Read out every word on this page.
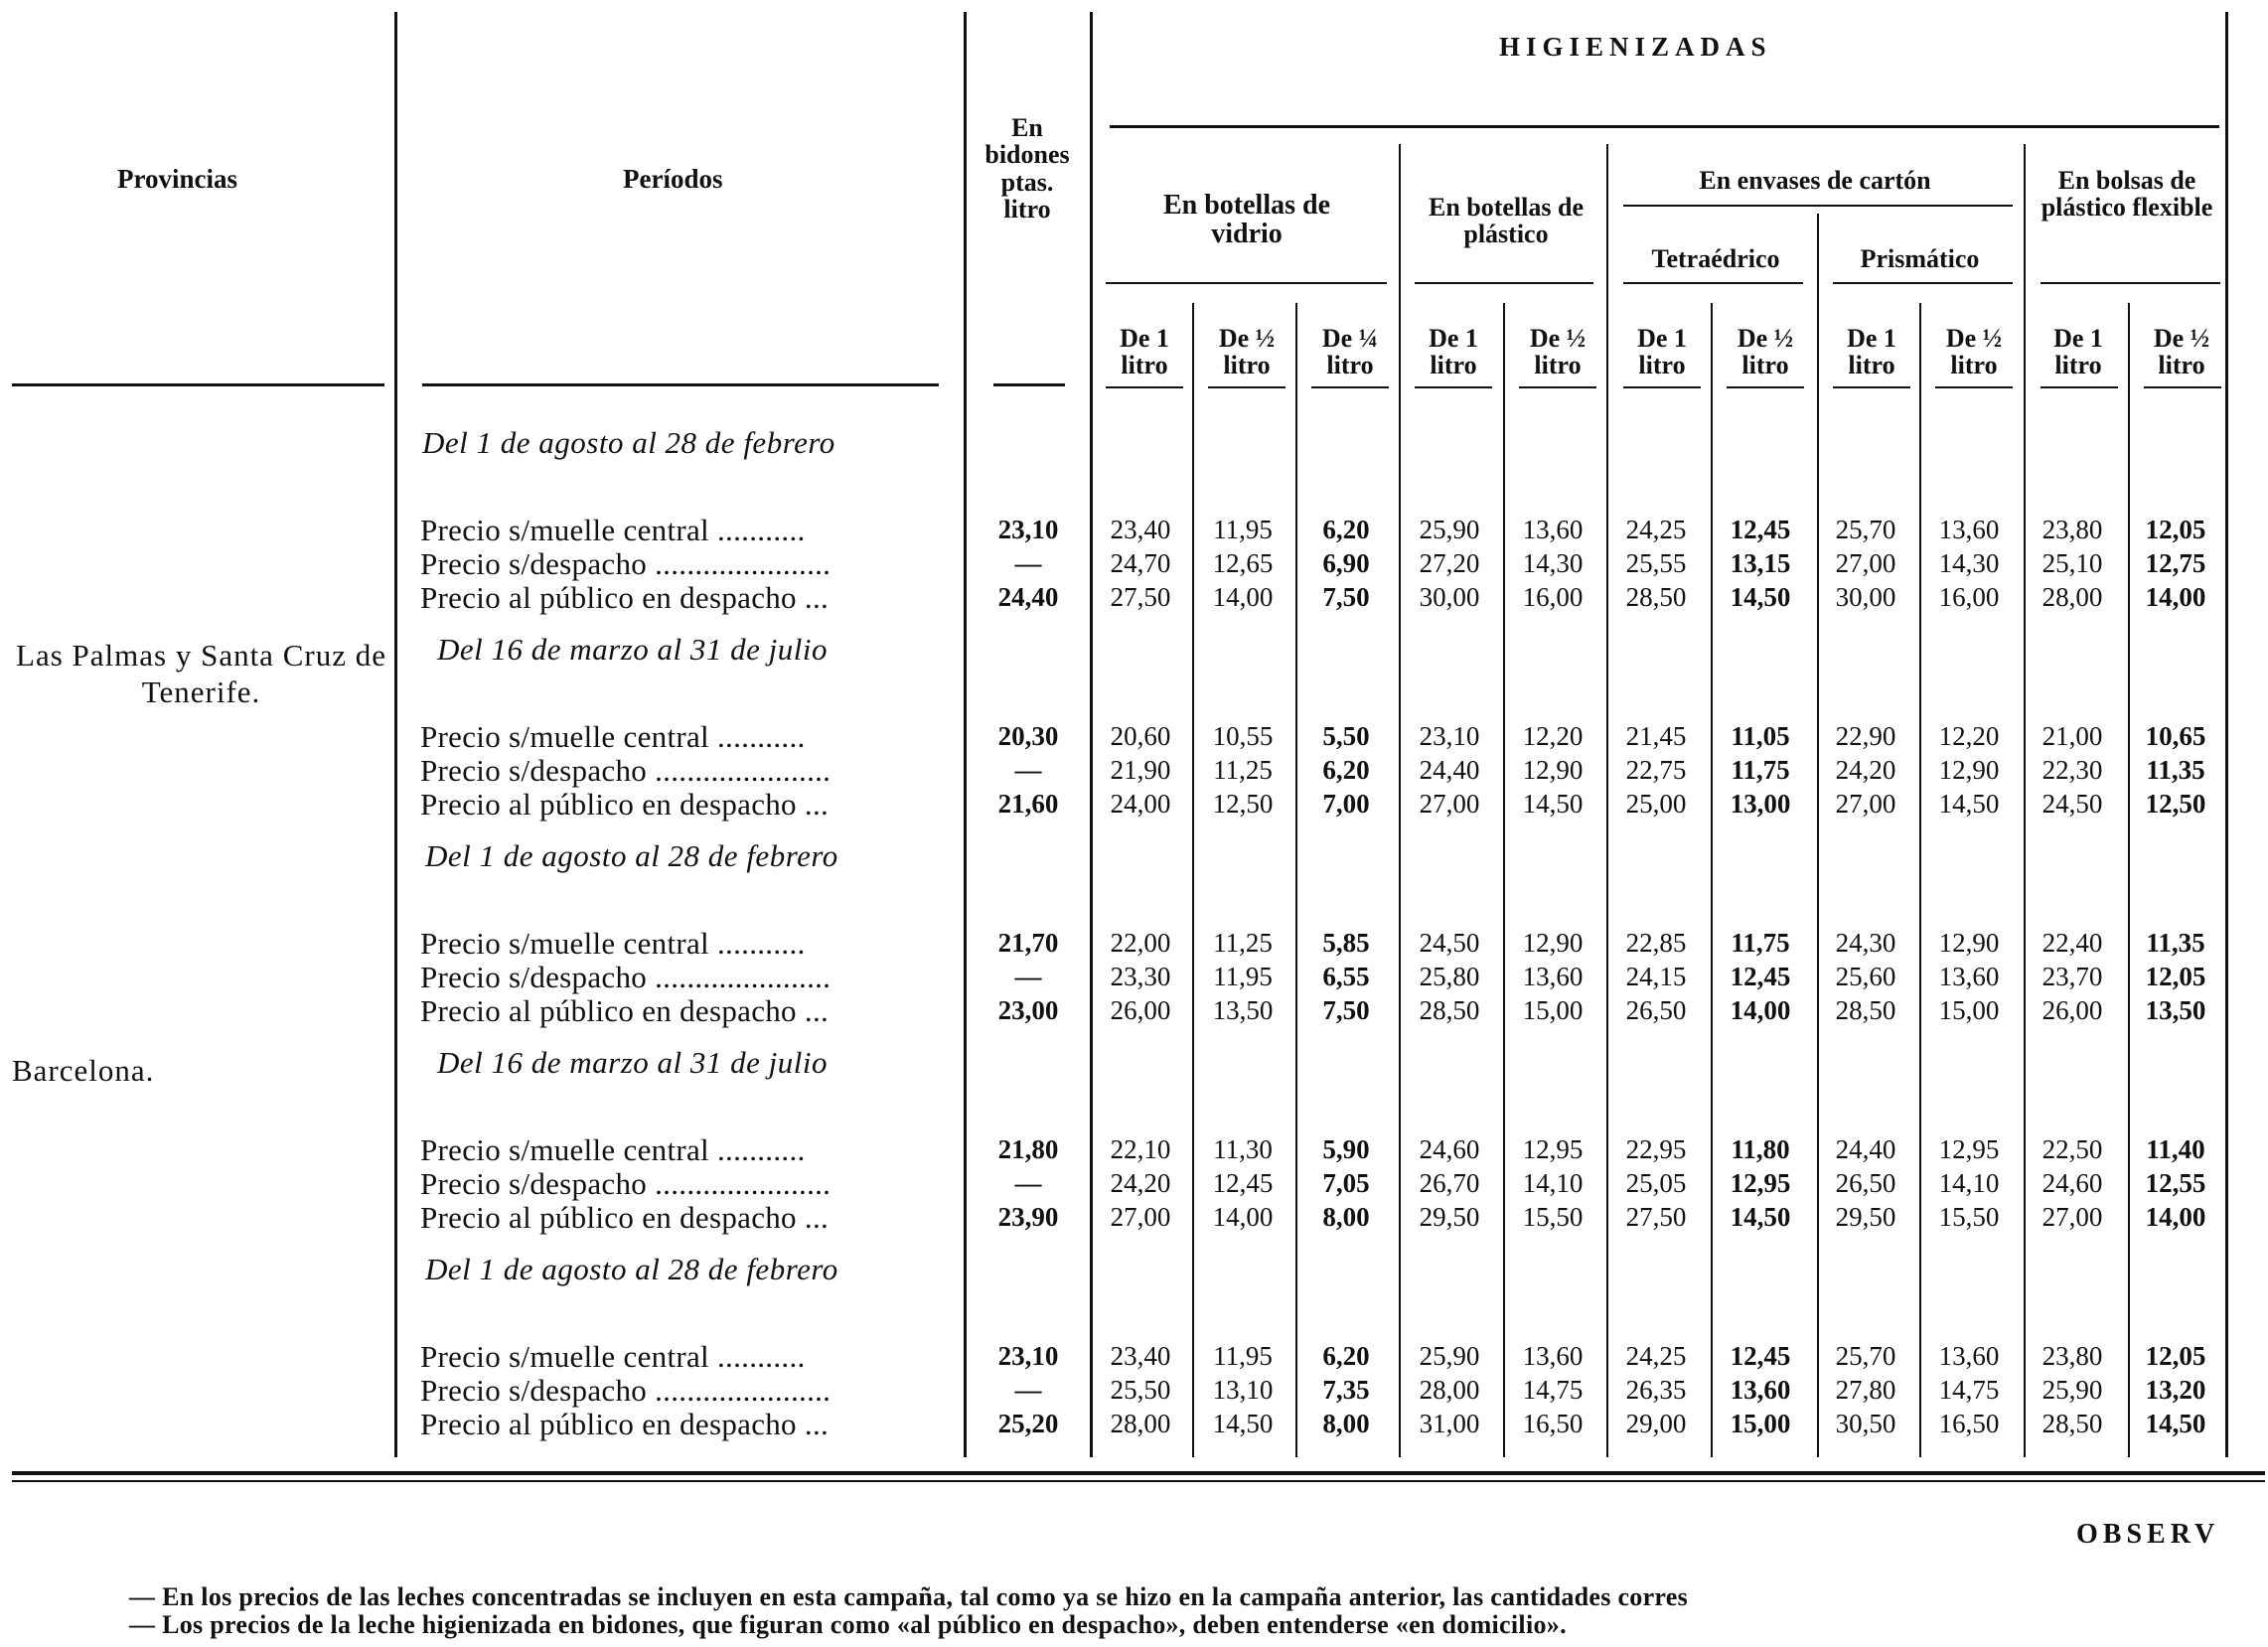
Provincias	Períodos
En bidones ptas. litro
HIGIENIZADAS
En botellas de vidrio
En botellas de plástico
En envases de cartón
Tetraédrico	Prismático
En bolsas de plástico flexible
De 1 litro
De ½ litro
De ¼ litro
De 1 litro
De ½ litro
De 1 litro
De ½ litro
De 1 litro
De ½ litro
De 1 litro
De ½ litro
Las Palmas y Santa Cruz de Tenerife.
Barcelona.
Del 1 de agosto al 28 de febrero
Precio s/muelle central ...........	23,10	23,40	11,95	6,20	25,90	13,60	24,25	12,45	25,70	13,60	23,80	12,05
Precio s/despacho ......................	—	24,70	12,65	6,90	27,20	14,30	25,55	13,15	27,00	14,30	25,10	12,75
Precio al público en despacho ...	24,40	27,50	14,00	7,50	30,00	16,00	28,50	14,50	30,00	16,00	28,00	14,00
Del 16 de marzo al 31 de julio
Precio s/muelle central ...........	20,30	20,60	10,55	5,50	23,10	12,20	21,45	11,05	22,90	12,20	21,00	10,65
Precio s/despacho ......................	—	21,90	11,25	6,20	24,40	12,90	22,75	11,75	24,20	12,90	22,30	11,35
Precio al público en despacho ...	21,60	24,00	12,50	7,00	27,00	14,50	25,00	13,00	27,00	14,50	24,50	12,50
Del 1 de agosto al 28 de febrero
Precio s/muelle central ...........	21,70	22,00	11,25	5,85	24,50	12,90	22,85	11,75	24,30	12,90	22,40	11,35
Precio s/despacho ......................	—	23,30	11,95	6,55	25,80	13,60	24,15	12,45	25,60	13,60	23,70	12,05
Precio al público en despacho ...	23,00	26,00	13,50	7,50	28,50	15,00	26,50	14,00	28,50	15,00	26,00	13,50
Del 16 de marzo al 31 de julio
Precio s/muelle central ...........	21,80	22,10	11,30	5,90	24,60	12,95	22,95	11,80	24,40	12,95	22,50	11,40
Precio s/despacho ......................	—	24,20	12,45	7,05	26,70	14,10	25,05	12,95	26,50	14,10	24,60	12,55
Precio al público en despacho ...	23,90	27,00	14,00	8,00	29,50	15,50	27,50	14,50	29,50	15,50	27,00	14,00
Del 1 de agosto al 28 de febrero
Precio s/muelle central ...........	23,10	23,40	11,95	6,20	25,90	13,60	24,25	12,45	25,70	13,60	23,80	12,05
Precio s/despacho ......................	—	25,50	13,10	7,35	28,00	14,75	26,35	13,60	27,80	14,75	25,90	13,20
Precio al público en despacho ...	25,20	28,00	14,50	8,00	31,00	16,50	29,00	15,00	30,50	16,50	28,50	14,50
OBSERV
— En los precios de las leches concentradas se incluyen en esta campaña, tal como ya se hizo en la campaña anterior, las cantidades corres
— Los precios de la leche higienizada en bidones, que figuran como «al público en despacho», deben entenderse «en domicilio».
